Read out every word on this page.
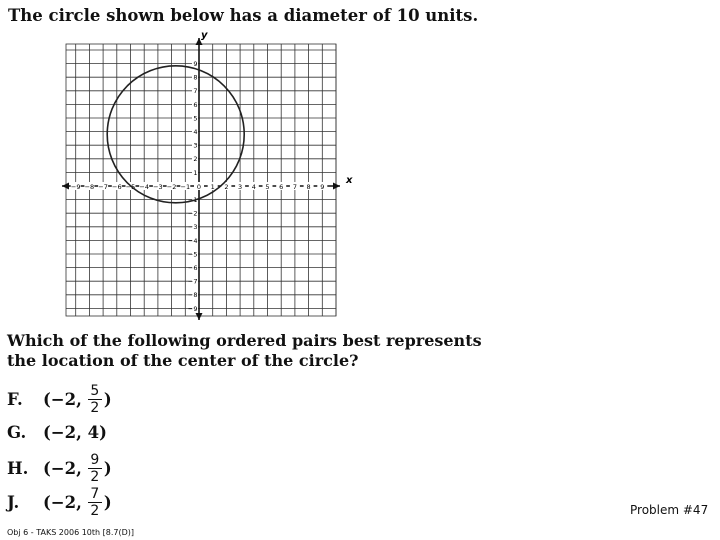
The circle shown below has a diameter of 10 units.
−9 −8 −7 −6 −5 −4 −3 −2 −1 0 1 2 3 4 5 6 7 8 9
9
8
7
6
5
4
3
2
1
−1
−2
−3
−4
−5
−6
−7
−8
−9
x
y
Which of the following ordered pairs best represents
the location of the center of the circle?
F.	(−2, $\frac{5}{2}$ )
G.	(−2, 4)
H. (−2, $\frac{9}{2}$ )
J.	(−2, $\frac{7}{2}$ )	Problem #47
Obj 6 - TAKS 2006 10th [8.7(D)]
